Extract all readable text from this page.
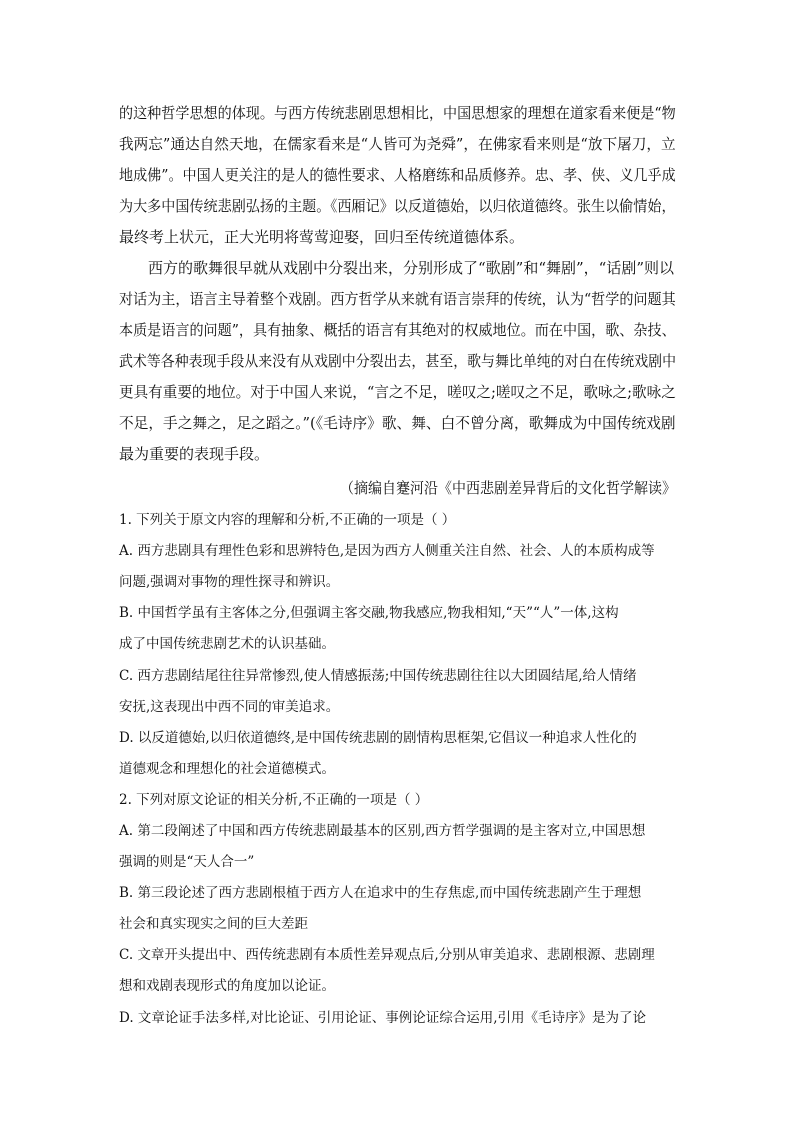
的这种哲学思想的体现。与西方传统悲剧思想相比，中国思想家的理想在道家看来便是“物
我两忘”通达自然天地，在儒家看来是“人皆可为尧舜”，在佛家看来则是“放下屠刀，立
地成佛”。中国人更关注的是人的德性要求、人格磨练和品质修养。忠、孝、侠、义几乎成
为大多中国传统悲剧弘扬的主题。《西厢记》以反道德始，以归依道德终。张生以偷情始，
最终考上状元，正大光明将莺莺迎娶，回归至传统道德体系。
西方的歌舞很早就从戏剧中分裂出来，分别形成了“歌剧”和“舞剧”，“话剧”则以
对话为主，语言主导着整个戏剧。西方哲学从来就有语言崇拜的传统，认为“哲学的问题其
本质是语言的问题”，具有抽象、概括的语言有其绝对的权威地位。而在中国，歌、杂技、
武术等各种表现手段从来没有从戏剧中分裂出去，甚至，歌与舞比单纯的对白在传统戏剧中
更具有重要的地位。对于中国人来说，“言之不足，嗟叹之;嗟叹之不足，歌咏之;歌咏之
不足，手之舞之，足之蹈之。”(《毛诗序》歌、舞、白不曾分离，歌舞成为中国传统戏剧
最为重要的表现手段。
（摘编自蹇河沿《中西悲剧差异背后的文化哲学解读》
1. 下列关于原文内容的理解和分析,不正确的一项是（ ）
A. 西方悲剧具有理性色彩和思辨特色,是因为西方人侧重关注自然、社会、人的本质构成等
问题,强调对事物的理性探寻和辨识。
B. 中国哲学虽有主客体之分,但强调主客交融,物我感应,物我相知,“天”“人”一体,这构
成了中国传统悲剧艺术的认识基础。
C. 西方悲剧结尾往往异常惨烈,使人情感振荡;中国传统悲剧往往以大团圆结尾,给人情绪
安抚,这表现出中西不同的审美追求。
D. 以反道德始,以归依道德终,是中国传统悲剧的剧情构思框架,它倡议一种追求人性化的
道德观念和理想化的社会道德模式。
2. 下列对原文论证的相关分析,不正确的一项是（ ）
A. 第二段阐述了中国和西方传统悲剧最基本的区别,西方哲学强调的是主客对立,中国思想
强调的则是“天人合一”
B. 第三段论述了西方悲剧根植于西方人在追求中的生存焦虑,而中国传统悲剧产生于理想
社会和真实现实之间的巨大差距
C. 文章开头提出中、西传统悲剧有本质性差异观点后,分别从审美追求、悲剧根源、悲剧理
想和戏剧表现形式的角度加以论证。
D. 文章论证手法多样,对比论证、引用论证、事例论证综合运用,引用《毛诗序》是为了论
